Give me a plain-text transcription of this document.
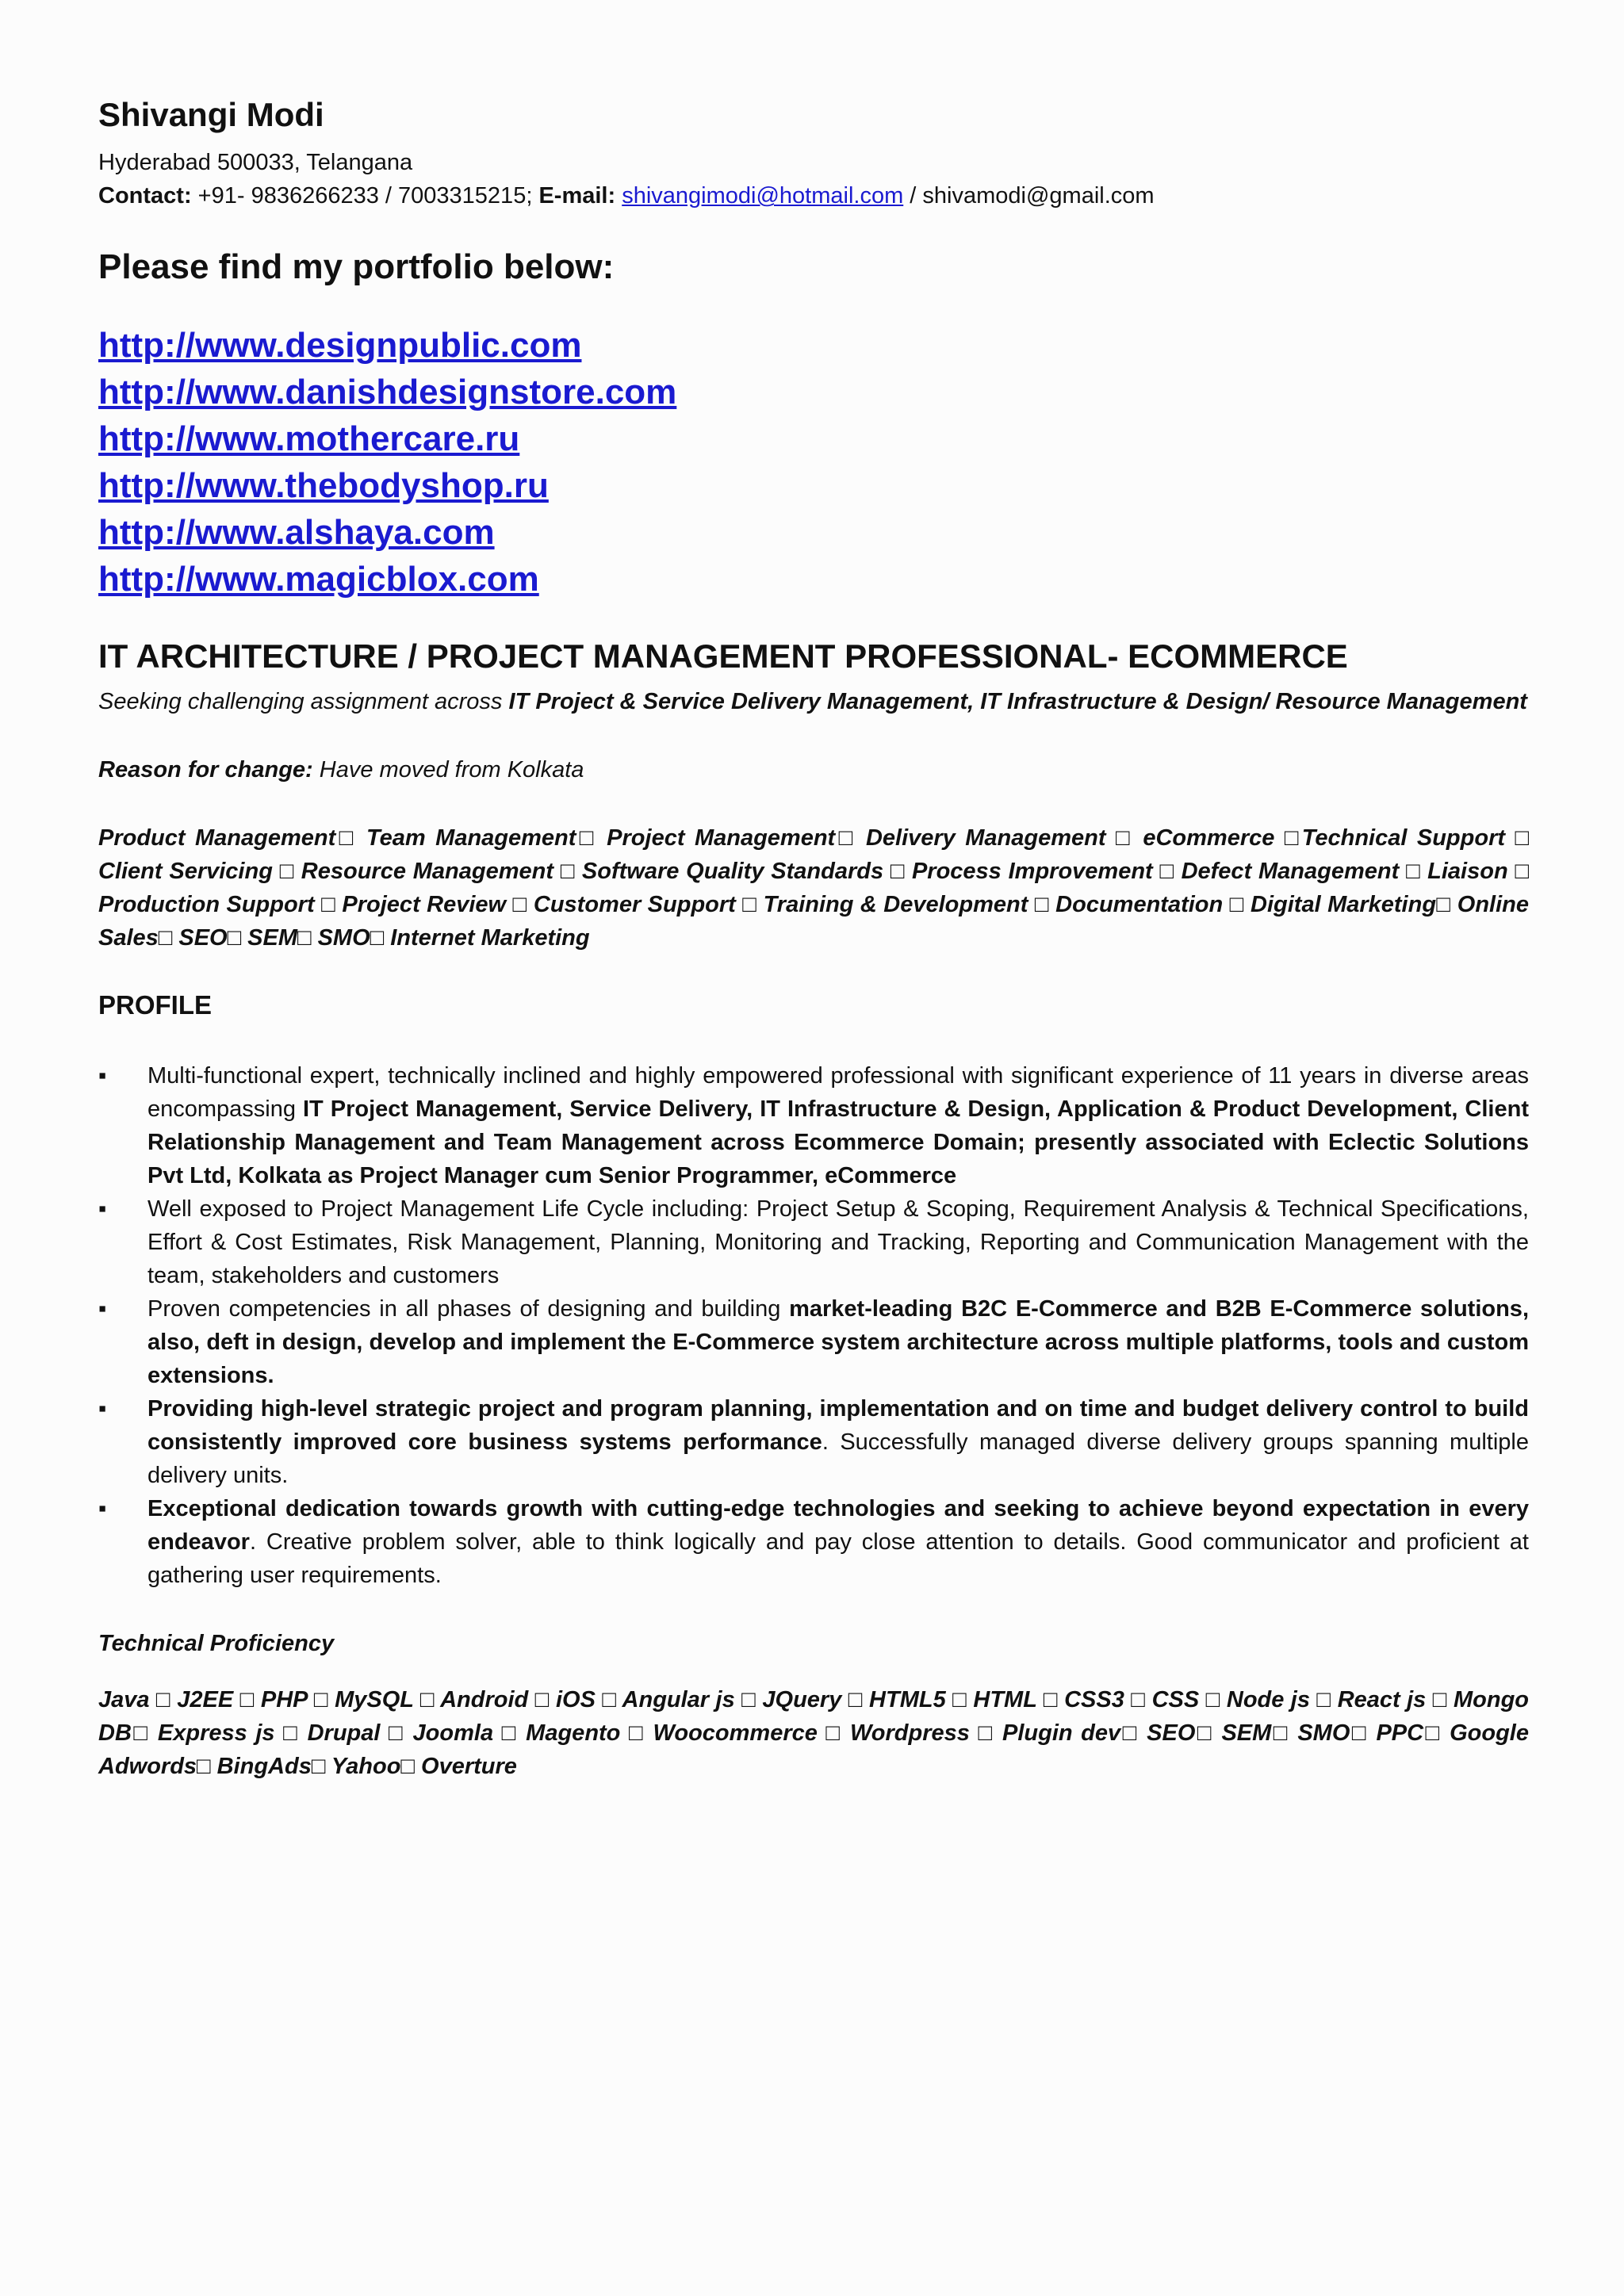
Shivangi Modi
Hyderabad 500033, Telangana
Contact: +91- 9836266233 / 7003315215; E-mail: shivangimodi@hotmail.com / shivamodi@gmail.com
Please find my portfolio below:
http://www.designpublic.com
http://www.danishdesignstore.com
http://www.mothercare.ru
http://www.thebodyshop.ru
http://www.alshaya.com
http://www.magicblox.com
IT ARCHITECTURE / PROJECT MANAGEMENT PROFESSIONAL- ECOMMERCE

Seeking challenging assignment across IT Project & Service Delivery Management, IT Infrastructure & Design/ Resource Management

Reason for change: Have moved from Kolkata

Product Management□ Team Management□ Project Management□ Delivery Management □ eCommerce □Technical Support □ Client Servicing □ Resource Management □ Software Quality Standards □ Process Improvement □ Defect Management □ Liaison □ Production Support □ Project Review □ Customer Support □ Training & Development □ Documentation □ Digital Marketing□ Online Sales□ SEO□ SEM□ SMO□ Internet Marketing

PROFILE
▪	Multi-functional expert, technically inclined and highly empowered professional with significant experience of 11 years in diverse areas encompassing IT Project Management, Service Delivery, IT Infrastructure & Design, Application & Product Development, Client Relationship Management and Team Management across Ecommerce Domain; presently associated with Eclectic Solutions Pvt Ltd, Kolkata as Project Manager cum Senior Programmer, eCommerce
▪	Well exposed to Project Management Life Cycle including: Project Setup & Scoping, Requirement Analysis & Technical Specifications, Effort & Cost Estimates, Risk Management, Planning, Monitoring and Tracking, Reporting and Communication Management with the team, stakeholders and customers
▪	Proven competencies in all phases of designing and building market-leading B2C E-Commerce and B2B E-Commerce solutions, also, deft in design, develop and implement the E-Commerce system architecture across multiple platforms, tools and custom extensions.
▪	Providing high-level strategic project and program planning, implementation and on time and budget delivery control to build consistently improved core business systems performance. Successfully managed diverse delivery groups spanning multiple delivery units.
▪	Exceptional dedication towards growth with cutting-edge technologies and seeking to achieve beyond expectation in every endeavor. Creative problem solver, able to think logically and pay close attention to details. Good communicator and proficient at gathering user requirements.
Technical Proficiency

Java □ J2EE □ PHP □ MySQL □ Android □ iOS □ Angular js □ JQuery □ HTML5 □ HTML □ CSS3 □ CSS □ Node js □ React js □ Mongo DB□ Express js □ Drupal □ Joomla □ Magento □ Woocommerce □ Wordpress □ Plugin dev□ SEO□ SEM□ SMO□ PPC□ Google Adwords□ BingAds□ Yahoo□ Overture
